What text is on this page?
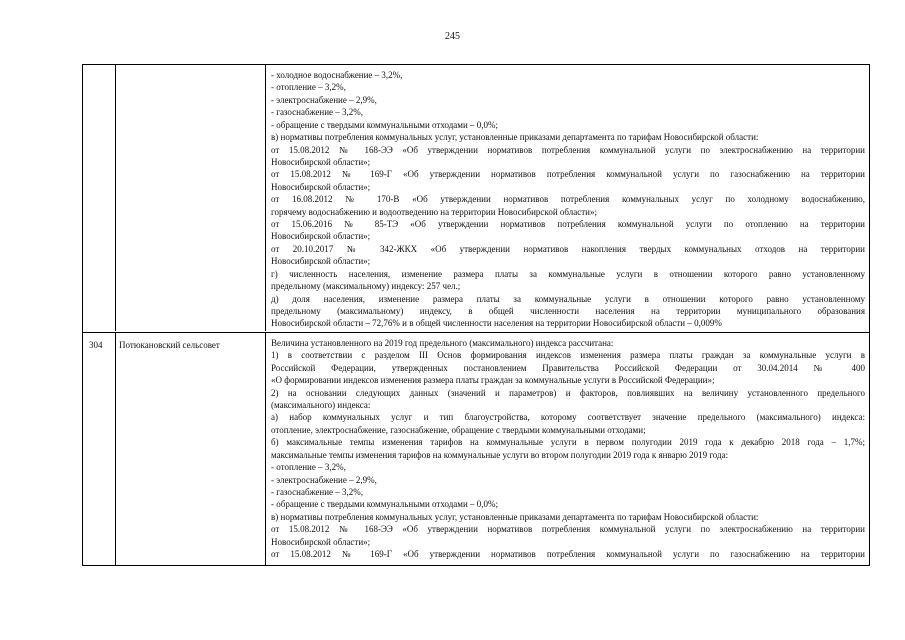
245
- холодное водоснабжение – 3,2%,
- отопление – 3,2%,
- электроснабжение – 2,9%,
- газоснабжение – 3,2%,
- обращение с твердыми коммунальными отходами – 0,0%;
в) нормативы потребления коммунальных услуг, установленные приказами департамента по тарифам Новосибирской области:
от 15.08.2012 № 168-ЭЭ «Об утверждении нормативов потребления коммунальной услуги по электроснабжению на территории
Новосибирской области»;
от 15.08.2012 № 169-Г «Об утверждении нормативов потребления коммунальной услуги по газоснабжению на территории
Новосибирской области»;
от 16.08.2012 № 170-В «Об утверждении нормативов потребления коммунальных услуг по холодному водоснабжению,
горячему водоснабжению и водоотведению на территории Новосибирской области»;
от 15.06.2016 № 85-ТЭ «Об утверждении нормативов потребления коммунальной услуги по отоплению на территории
Новосибирской области»;
от 20.10.2017 № 342-ЖКХ «Об утверждении нормативов накопления твердых коммунальных отходов на территории
Новосибирской области»;
г) численность населения, изменение размера платы за коммунальные услуги в отношении которого равно установленному
предельному (максимальному) индексу: 257 чел.;
д) доля населения, изменение размера платы за коммунальные услуги в отношении которого равно установленному
предельному (максимальному) индексу, в общей численности населения на территории муниципального образования
Новосибирской области – 72,76% и в общей численности населения на территории Новосибирской области – 0,009%
304	Потюкановский сельсовет	Величина установленного на 2019 год предельного (максимального) индекса рассчитана:
1) в соответствии с разделом III Основ формирования индексов изменения размера платы граждан за коммунальные услуги в
Российской Федерации, утвержденных постановлением Правительства Российской Федерации от 30.04.2014 № 400
«О формировании индексов изменения размера платы граждан за коммунальные услуги в Российской Федерации»;
2) на основании следующих данных (значений и параметров) и факторов, повлиявших на величину установленного предельного
(максимального) индекса:
а) набор коммунальных услуг и тип благоустройства, которому соответствует значение предельного (максимального) индекса:
отопление, электроснабжение, газоснабжение, обращение с твердыми коммунальными отходами;
б) максимальные темпы изменения тарифов на коммунальные услуги в первом полугодии 2019 года к декабрю 2018 года – 1,7%;
максимальные темпы изменения тарифов на коммунальные услуги во втором полугодии 2019 года к январю 2019 года:
- отопление – 3,2%,
- электроснабжение – 2,9%,
- газоснабжение – 3,2%,
- обращение с твердыми коммунальными отходами – 0,0%;
в) нормативы потребления коммунальных услуг, установленные приказами департамента по тарифам Новосибирской области:
от 15.08.2012 № 168-ЭЭ «Об утверждении нормативов потребления коммунальной услуги по электроснабжению на территории
Новосибирской области»;
от 15.08.2012 № 169-Г «Об утверждении нормативов потребления коммунальной услуги по газоснабжению на территории
